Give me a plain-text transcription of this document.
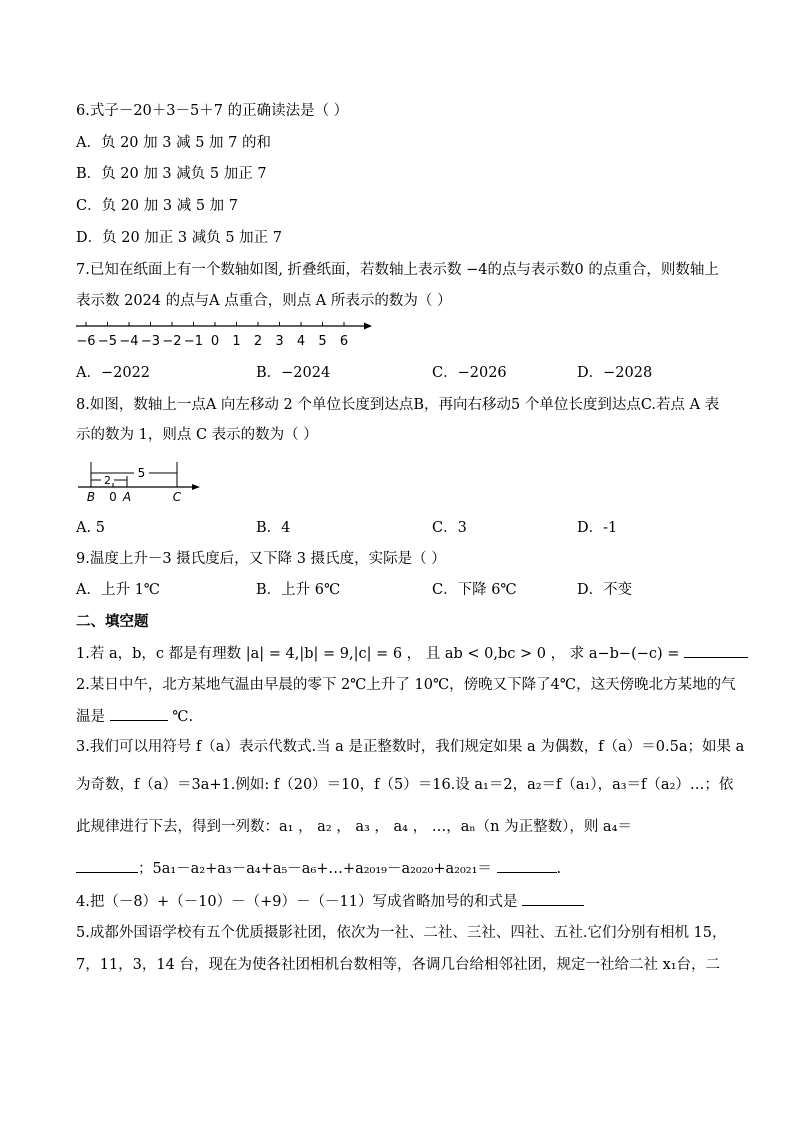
6.式子－20＋3－5＋7 的正确读法是（ ）
A．负 20 加 3 减 5 加 7 的和
B．负 20 加 3 减负 5 加正 7
C．负 20 加 3 减 5 加 7
D．负 20 加正 3 减负 5 加正 7
7.已知在纸面上有一个数轴如图, 折叠纸面，若数轴上表示数 −4的点与表示数0 的点重合，则数轴上
表示数 2024 的点与A 点重合，则点 A 所表示的数为（ ）
−6 −5 −4 −3 −2 −1 0 1 2 3 4 5 6
A．−2022	B．−2024	C．−2026	D．−2028
8.如图，数轴上一点A 向左移动 2 个单位长度到达点B，再向右移动5 个单位长度到达点C.若点 A 表
示的数为 1，则点 C 表示的数为（ ）
5
2
B 0 A	C
A. 5	B．4	C．3	D．-1
9.温度上升－3 摄氏度后，又下降 3 摄氏度，实际是（ ）
A．上升 1℃	B．上升 6℃	C．下降 6℃	D．不变
二、填空题
1.若 a，b，c 都是有理数 |a| = 4,|b| = 9,|c| = 6 ， 且 ab < 0,bc > 0 ， 求 a−b−(−c) =
2.某日中午，北方某地气温由早晨的零下 2℃上升了 10℃，傍晚又下降了4℃，这天傍晚北方某地的气
温是	℃.
3.我们可以用符号 f（a）表示代数式.当 a 是正整数时，我们规定如果 a 为偶数，f（a）＝0.5a；如果 a
为奇数，f（a）＝3a+1.例如: f（20）＝10，f（5）＝16.设 a₁＝2，a₂＝f（a₁），a₃＝f（a₂）…；依
此规律进行下去，得到一列数：a₁ ， a₂ ， a₃ ， a₄ ， …，aₙ（n 为正整数），则 a₄＝
；5a₁－a₂+a₃－a₄+a₅－a₆+…+a₂₀₁₉－a₂₀₂₀+a₂₀₂₁＝	.
4.把（－8）+（－10）－（+9）－（－11）写成省略加号的和式是
5.成都外国语学校有五个优质摄影社团，依次为一社、二社、三社、四社、五社.它们分别有相机 15，
7，11，3，14 台，现在为使各社团相机台数相等，各调几台给相邻社团，规定一社给二社 x₁台，二
